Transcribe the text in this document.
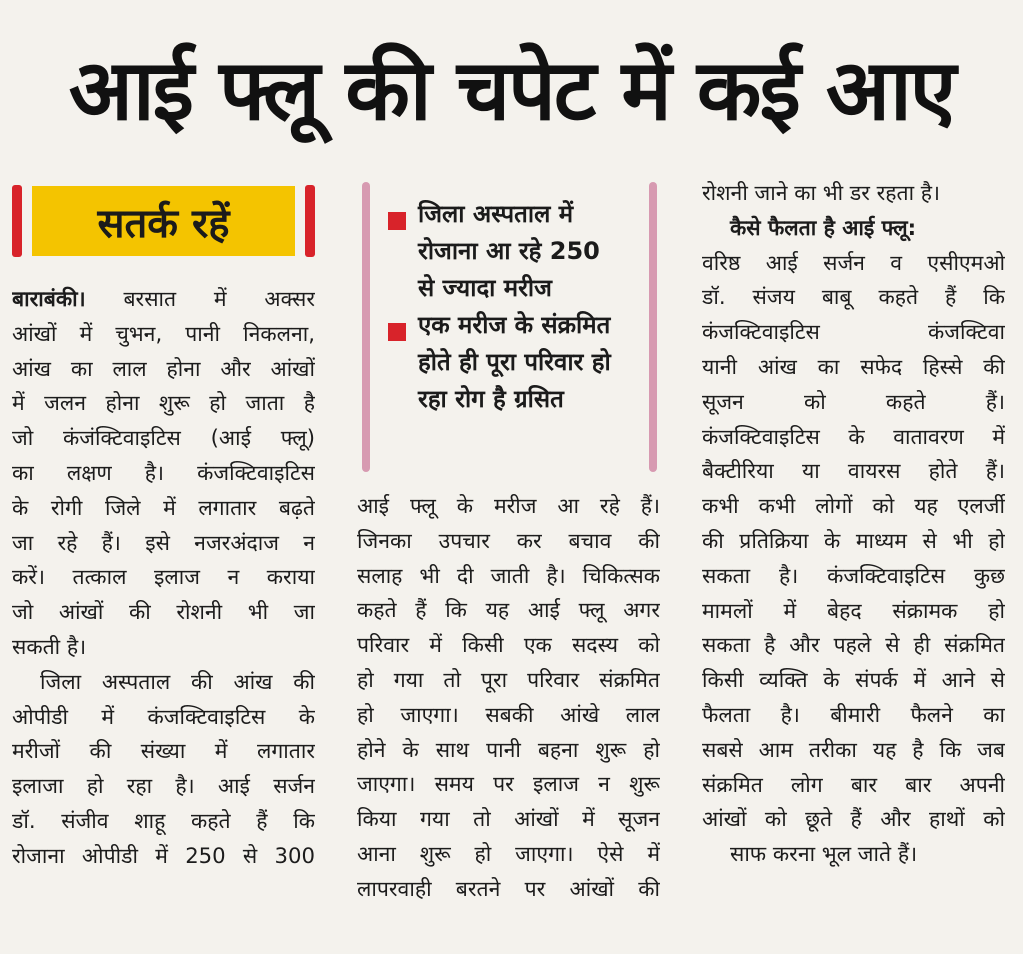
आई फ्लू की चपेट में कई आए
सतर्क रहें

बाराबंकी। बरसात में अक्सर

आंखों में चुभन, पानी निकलना,

आंख का लाल होना और आंखों

में जलन होना शुरू हो जाता है

जो कंजंक्टिवाइटिस (आई फ्लू)

का लक्षण है। कंजक्टिवाइटिस

के रोगी जिले में लगातार बढ़ते

जा रहे हैं। इसे नजरअंदाज न

करें। तत्काल इलाज न कराया

जो आंखों की रोशनी भी जा

सकती है।

जिला अस्पताल की आंख की

ओपीडी में कंजक्टिवाइटिस के

मरीजों की संख्या में लगातार

इलाजा हो रहा है। आई सर्जन

डॉ. संजीव शाहू कहते हैं कि

रोजाना ओपीडी में 250 से 300

जिला अस्पताल में
रोजाना आ रहे 250
से ज्यादा मरीज
एक मरीज के संक्रमित
होते ही पूरा परिवार हो
रहा रोग है ग्रसित

आई फ्लू के मरीज आ रहे हैं।

जिनका उपचार कर बचाव की

सलाह भी दी जाती है। चिकित्सक

कहते हैं कि यह आई फ्लू अगर

परिवार में किसी एक सदस्य को

हो गया तो पूरा परिवार संक्रमित

हो जाएगा। सबकी आंखे लाल

होने के साथ पानी बहना शुरू हो

जाएगा। समय पर इलाज न शुरू

किया गया तो आंखों में सूजन

आना शुरू हो जाएगा। ऐसे में

लापरवाही बरतने पर आंखों की

रोशनी जाने का भी डर रहता है।

कैसे फैलता है आई फ्लू:

वरिष्ठ आई सर्जन व एसीएमओ

डॉ. संजय बाबू कहते हैं कि

कंजक्टिवाइटिस कंजक्टिवा

यानी आंख का सफेद हिस्से की

सूजन को कहते हैं।

कंजक्टिवाइटिस के वातावरण में

बैक्टीरिया या वायरस होते हैं।

कभी कभी लोगों को यह एलर्जी

की प्रतिक्रिया के माध्यम से भी हो

सकता है। कंजक्टिवाइटिस कुछ

मामलों में बेहद संक्रामक हो

सकता है और पहले से ही संक्रमित

किसी व्यक्ति के संपर्क में आने से

फैलता है। बीमारी फैलने का

सबसे आम तरीका यह है कि जब

संक्रमित लोग बार बार अपनी

आंखों को छूते हैं और हाथों को

साफ करना भूल जाते हैं।
